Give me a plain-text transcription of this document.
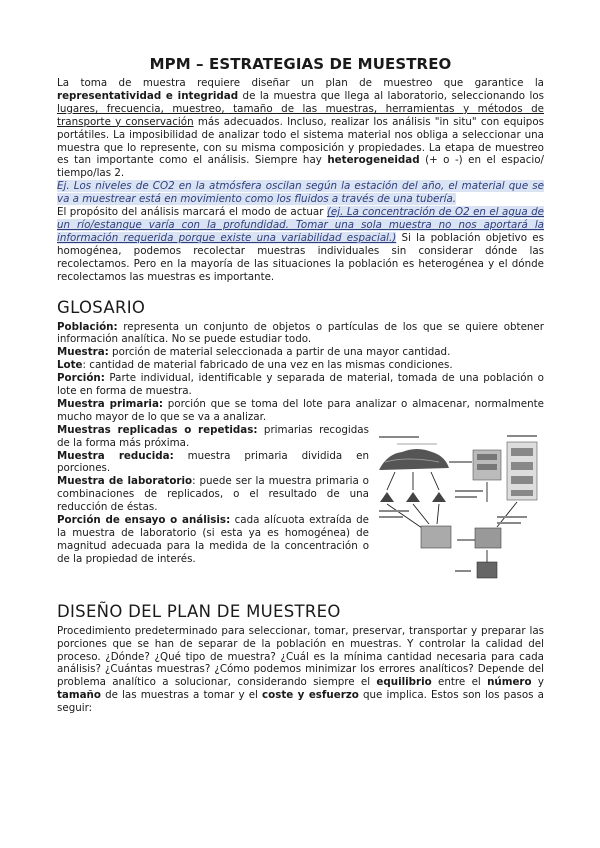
MPM – ESTRATEGIAS DE MUESTREO

La toma de muestra requiere diseñar un plan de muestreo que garantice la representatividad e integridad de la muestra que llega al laboratorio, seleccionando los lugares, frecuencia, muestreo, tamaño de las muestras, herramientas y métodos de transporte y conservación más adecuados. Incluso, realizar los análisis "in situ" con equipos portátiles. La imposibilidad de analizar todo el sistema material nos obliga a seleccionar una muestra que lo represente, con su misma composición y propiedades. La etapa de muestreo es tan importante como el análisis. Siempre hay heterogeneidad (+ o -) en el espacio/ tiempo/las 2.

Ej. Los niveles de CO2 en la atmósfera oscilan según la estación del año, el material que se va a muestrear está en movimiento como los fluidos a través de una tubería.

El propósito del análisis marcará el modo de actuar (ej. La concentración de O2 en el agua de un río/estanque varía con la profundidad. Tomar una sola muestra no nos aportará la información requerida porque existe una variabilidad espacial.) Si la población objetivo es homogénea, podemos recolectar muestras individuales sin considerar dónde las recolectamos. Pero en la mayoría de las situaciones la población es heterogénea y el dónde recolectamos las muestras es importante.

GLOSARIO

Población: representa un conjunto de objetos o partículas de los que se quiere obtener información analítica. No se puede estudiar todo.

Muestra: porción de material seleccionada a partir de una mayor cantidad.

Lote: cantidad de material fabricado de una vez en las mismas condiciones.

Porción: Parte individual, identificable y separada de material, tomada de una población o lote en forma de muestra.

Muestra primaria: porción que se toma del lote para analizar o almacenar, normalmente mucho mayor de lo que se va a analizar.

Muestras replicadas o repetidas: primarias recogidas de la forma más próxima.

Muestra reducida: muestra primaria dividida en porciones.

Muestra de laboratorio: puede ser la muestra primaria o combinaciones de replicados, o el resultado de una reducción de éstas.

Porción de ensayo o análisis: cada alícuota extraída de la muestra de laboratorio (si esta ya es homogénea) de magnitud adecuada para la medida de la concentración o de la propiedad de interés.

DISEÑO DEL PLAN DE MUESTREO

Procedimiento predeterminado para seleccionar, tomar, preservar, transportar y preparar las porciones que se han de separar de la población en muestras. Y controlar la calidad del proceso. ¿Dónde? ¿Qué tipo de muestra? ¿Cuál es la mínima cantidad necesaria para cada análisis? ¿Cuántas muestras? ¿Cómo podemos minimizar los errores analíticos? Depende del problema analítico a solucionar, considerando siempre el equilibrio entre el número y tamaño de las muestras a tomar y el coste y esfuerzo que implica. Estos son los pasos a seguir:
